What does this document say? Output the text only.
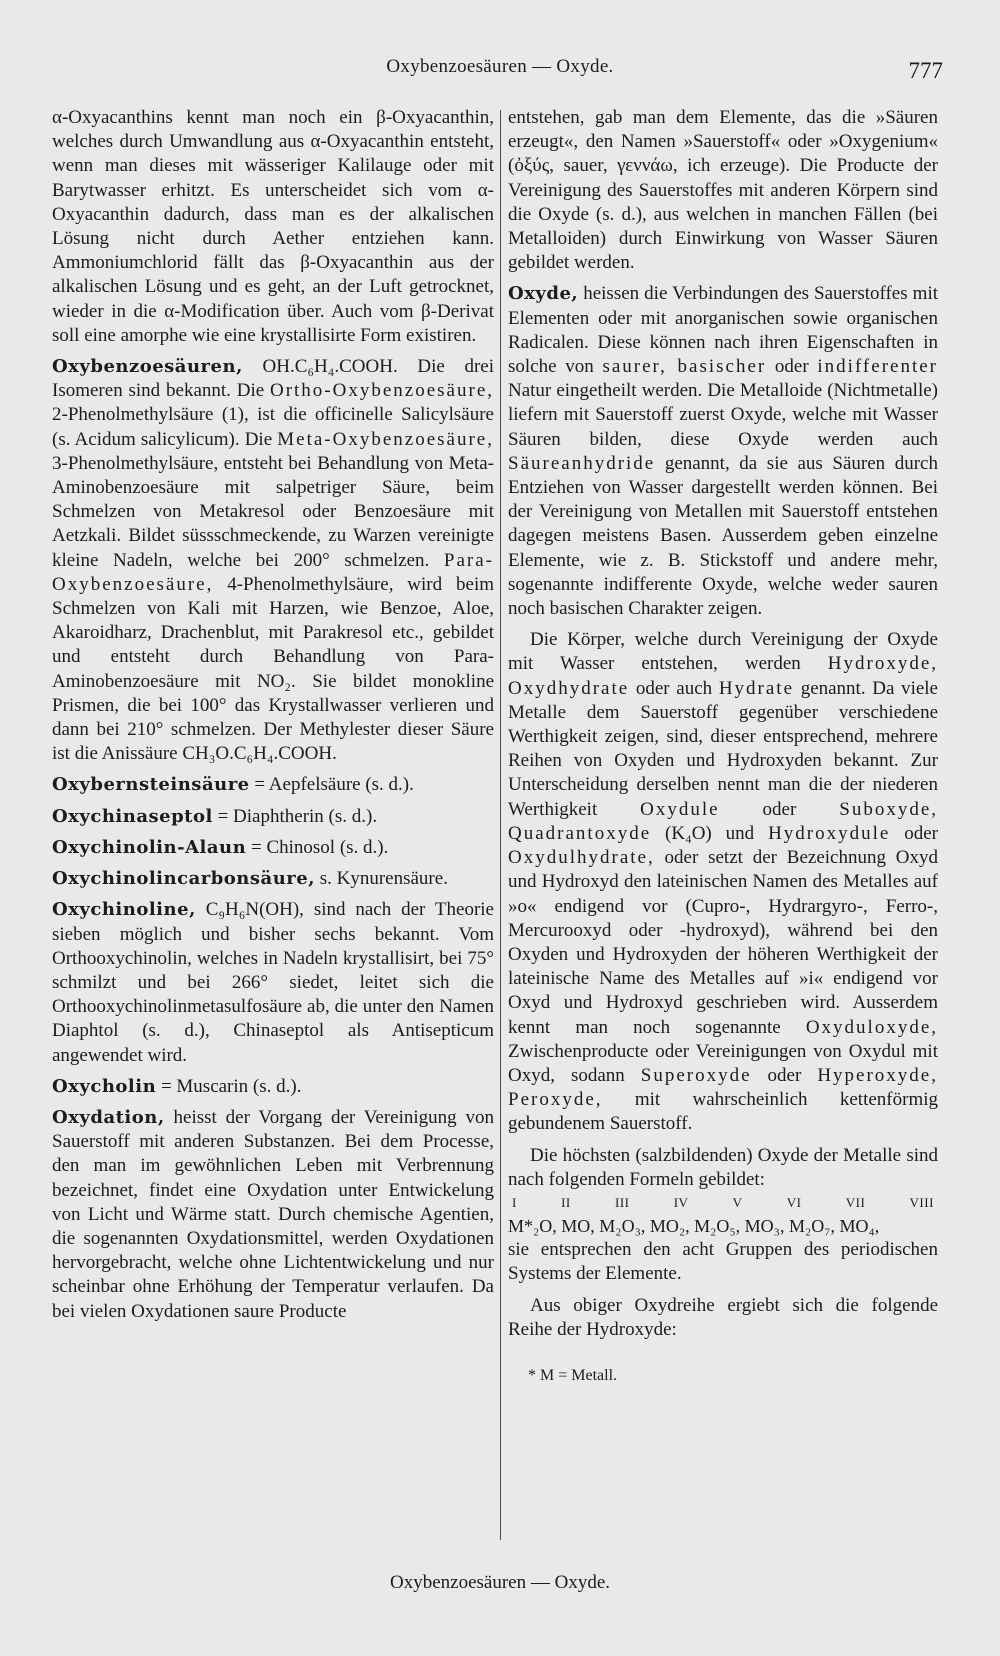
Oxybenzoesäuren — Oxyde.	777

α-Oxyacanthins kennt man noch ein β-Oxyacanthin, welches durch Umwandlung aus α-Oxyacanthin entsteht, wenn man dieses mit wässeriger Kalilauge oder mit Barytwasser erhitzt. Es unterscheidet sich vom α-Oxyacanthin dadurch, dass man es der alkalischen Lösung nicht durch Aether entziehen kann. Ammoniumchlorid fällt das β-Oxyacanthin aus der alkalischen Lösung und es geht, an der Luft getrocknet, wieder in die α-Modification über. Auch vom β-Derivat soll eine amorphe wie eine krystallisirte Form existiren.

Oxybenzoesäuren, OH.C₆H₄.COOH. Die drei Isomeren sind bekannt. Die Ortho-Oxybenzoesäure, 2-Phenolmethylsäure (1), ist die officinelle Salicylsäure (s. Acidum salicylicum). Die Meta-Oxybenzoesäure, 3-Phenolmethylsäure, entsteht bei Behandlung von Meta-Aminobenzoesäure mit salpetriger Säure, beim Schmelzen von Metakresol oder Benzoesäure mit Aetzkali. Bildet süssschmeckende, zu Warzen vereinigte kleine Nadeln, welche bei 200° schmelzen. Para-Oxybenzoesäure, 4-Phenolmethylsäure, wird beim Schmelzen von Kali mit Harzen, wie Benzoe, Aloe, Akaroidharz, Drachenblut, mit Parakresol etc., gebildet und entsteht durch Behandlung von Para-Aminobenzoesäure mit NO₂. Sie bildet monokline Prismen, die bei 100° das Krystallwasser verlieren und dann bei 210° schmelzen. Der Methylester dieser Säure ist die Anissäure CH₃O.C₆H₄.COOH.

Oxybernsteinsäure = Aepfelsäure (s. d.).

Oxychinaseptol = Diaphtherin (s. d.).

Oxychinolin-Alaun = Chinosol (s. d.).

Oxychinolincarbonsäure, s. Kynurensäure.

Oxychinoline, C₉H₆N(OH), sind nach der Theorie sieben möglich und bisher sechs bekannt. Vom Orthooxychinolin, welches in Nadeln krystallisirt, bei 75° schmilzt und bei 266° siedet, leitet sich die Orthooxychinolinmetasulfosäure ab, die unter den Namen Diaphtol (s. d.), Chinaseptol als Antisepticum angewendet wird.

Oxycholin = Muscarin (s. d.).

Oxydation, heisst der Vorgang der Vereinigung von Sauerstoff mit anderen Substanzen. Bei dem Processe, den man im gewöhnlichen Leben mit Verbrennung bezeichnet, findet eine Oxydation unter Entwickelung von Licht und Wärme statt. Durch chemische Agentien, die sogenannten Oxydationsmittel, werden Oxydationen hervorgebracht, welche ohne Lichtentwickelung und nur scheinbar ohne Erhöhung der Temperatur verlaufen. Da bei vielen Oxydationen saure Producte

entstehen, gab man dem Elemente, das die »Säuren erzeugt«, den Namen »Sauerstoff« oder »Oxygenium« (ὀξύς, sauer, γεννάω, ich erzeuge). Die Producte der Vereinigung des Sauerstoffes mit anderen Körpern sind die Oxyde (s. d.), aus welchen in manchen Fällen (bei Metalloiden) durch Einwirkung von Wasser Säuren gebildet werden.

Oxyde, heissen die Verbindungen des Sauerstoffes mit Elementen oder mit anorganischen sowie organischen Radicalen. Diese können nach ihren Eigenschaften in solche von saurer, basischer oder indifferenter Natur eingetheilt werden. Die Metalloide (Nichtmetalle) liefern mit Sauerstoff zuerst Oxyde, welche mit Wasser Säuren bilden, diese Oxyde werden auch Säureanhydride genannt, da sie aus Säuren durch Entziehen von Wasser dargestellt werden können. Bei der Vereinigung von Metallen mit Sauerstoff entstehen dagegen meistens Basen. Ausserdem geben einzelne Elemente, wie z. B. Stickstoff und andere mehr, sogenannte indifferente Oxyde, welche weder sauren noch basischen Charakter zeigen.

Die Körper, welche durch Vereinigung der Oxyde mit Wasser entstehen, werden Hydroxyde, Oxydhydrate oder auch Hydrate genannt. Da viele Metalle dem Sauerstoff gegenüber verschiedene Werthigkeit zeigen, sind, dieser entsprechend, mehrere Reihen von Oxyden und Hydroxyden bekannt. Zur Unterscheidung derselben nennt man die der niederen Werthigkeit Oxydule oder Suboxyde, Quadrantoxyde (K₄O) und Hydroxydule oder Oxydulhydrate, oder setzt der Bezeichnung Oxyd und Hydroxyd den lateinischen Namen des Metalles auf »o« endigend vor (Cupro-, Hydrargyro-, Ferro-, Mercurooxyd oder -hydroxyd), während bei den Oxyden und Hydroxyden der höheren Werthigkeit der lateinische Name des Metalles auf »i« endigend vor Oxyd und Hydroxyd geschrieben wird. Ausserdem kennt man noch sogenannte Oxyduloxyde, Zwischenproducte oder Vereinigungen von Oxydul mit Oxyd, sodann Superoxyde oder Hyperoxyde, Peroxyde, mit wahrscheinlich kettenförmig gebundenem Sauerstoff.

Die höchsten (salzbildenden) Oxyde der Metalle sind nach folgenden Formeln gebildet:

I	II	III	IV	V	VI	VII	VIII

M*₂O, MO, M₂O₃, MO₂, M₂O₅, MO₃, M₂O₇, MO₄,

sie entsprechen den acht Gruppen des periodischen Systems der Elemente.

Aus obiger Oxydreihe ergiebt sich die folgende Reihe der Hydroxyde:

* M = Metall.

Oxybenzoesäuren — Oxyde.
